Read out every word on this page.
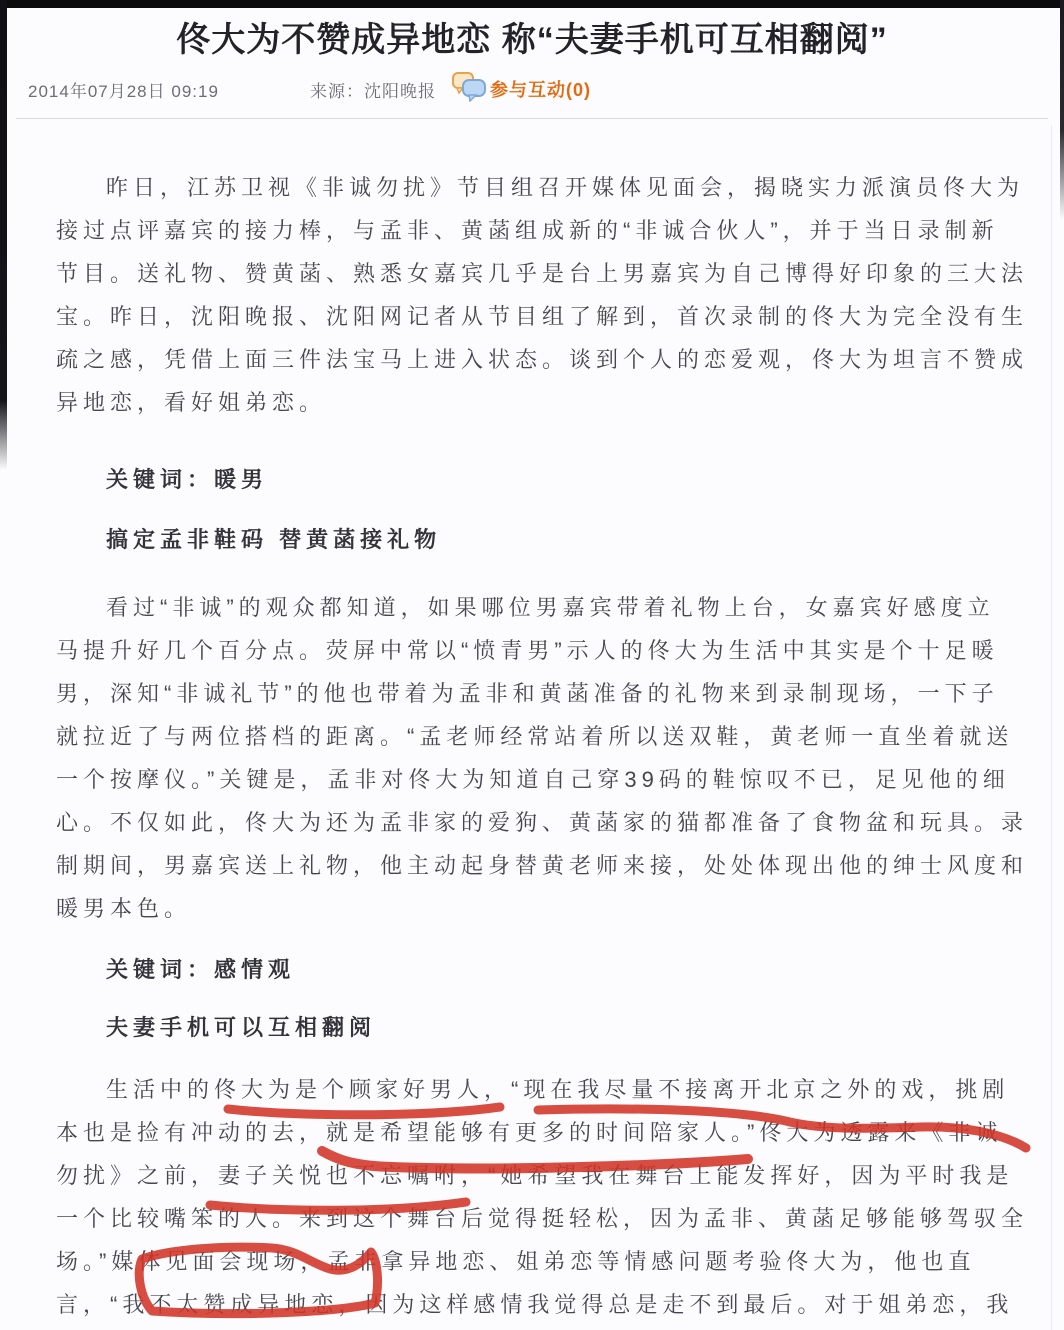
佟大为不赞成异地恋 称“夫妻手机可互相翻阅”
2014年07月28日 09:19	来源：沈阳晚报	参与互动(0)
昨日，江苏卫视《非诚勿扰》节目组召开媒体见面会，揭晓实力派演员佟大为
接过点评嘉宾的接力棒，与孟非、黄菡组成新的“非诚合伙人”，并于当日录制新
节目。送礼物、赞黄菡、熟悉女嘉宾几乎是台上男嘉宾为自己博得好印象的三大法
宝。昨日，沈阳晚报、沈阳网记者从节目组了解到，首次录制的佟大为完全没有生
疏之感，凭借上面三件法宝马上进入状态。谈到个人的恋爱观，佟大为坦言不赞成
异地恋，看好姐弟恋。
关键词：暖男
搞定孟非鞋码 替黄菡接礼物
看过“非诚”的观众都知道，如果哪位男嘉宾带着礼物上台，女嘉宾好感度立
马提升好几个百分点。荧屏中常以“愤青男”示人的佟大为生活中其实是个十足暖
男，深知“非诚礼节”的他也带着为孟非和黄菡准备的礼物来到录制现场，一下子
就拉近了与两位搭档的距离。“孟老师经常站着所以送双鞋，黄老师一直坐着就送
一个按摩仪。”关键是，孟非对佟大为知道自己穿39码的鞋惊叹不已，足见他的细
心。不仅如此，佟大为还为孟非家的爱狗、黄菡家的猫都准备了食物盆和玩具。录
制期间，男嘉宾送上礼物，他主动起身替黄老师来接，处处体现出他的绅士风度和
暖男本色。
关键词：感情观
夫妻手机可以互相翻阅
生活中的佟大为是个顾家好男人，“现在我尽量不接离开北京之外的戏，挑剧
本也是捡有冲动的去，就是希望能够有更多的时间陪家人。”佟大为透露来《非诚
勿扰》之前，妻子关悦也不忘嘱咐，“她希望我在舞台上能发挥好，因为平时我是
一个比较嘴笨的人。来到这个舞台后觉得挺轻松，因为孟非、黄菡足够能够驾驭全
场。”媒体见面会现场，孟非拿异地恋、姐弟恋等情感问题考验佟大为，他也直
言，“我不太赞成异地恋，因为这样感情我觉得总是走不到最后。对于姐弟恋，我
